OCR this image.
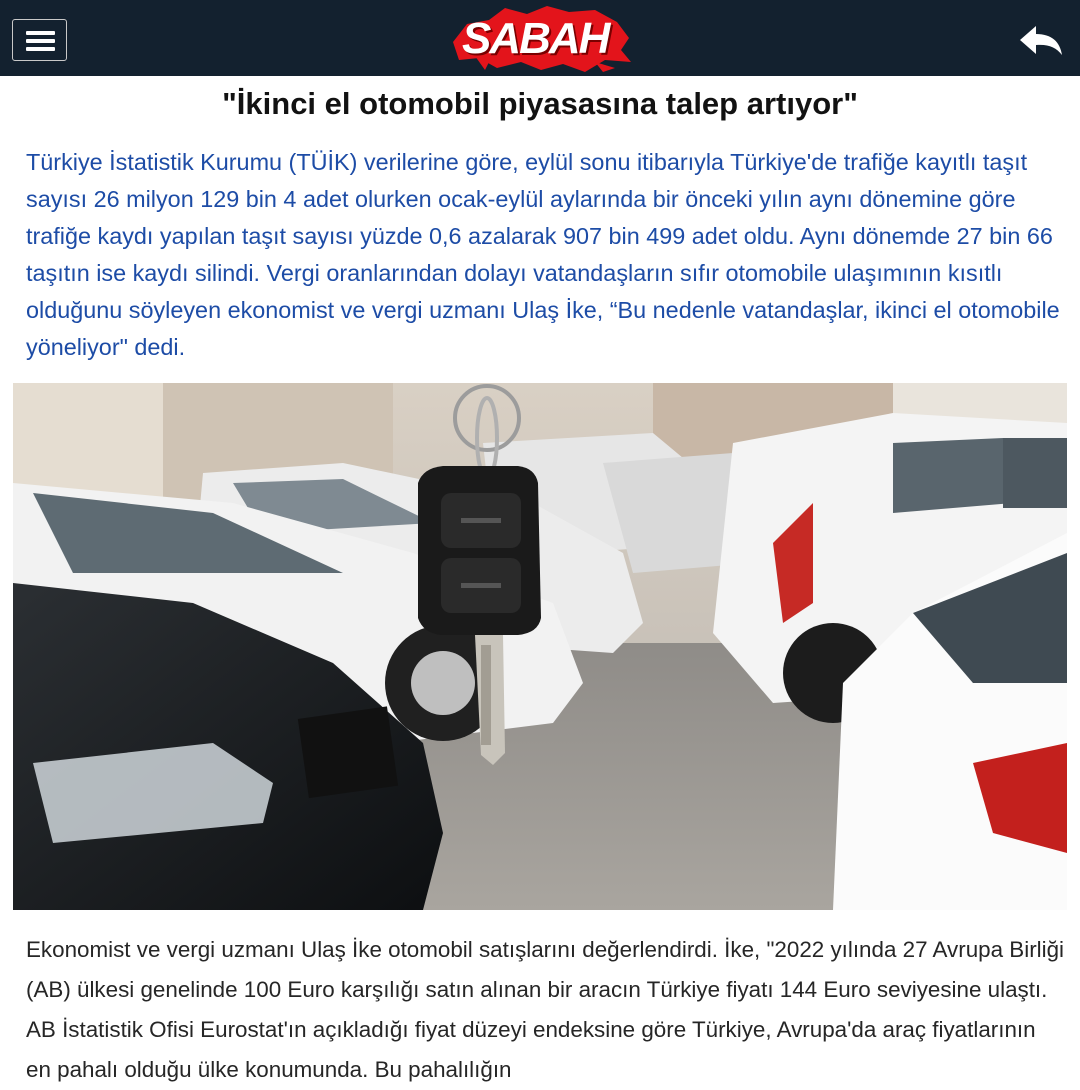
SABAH
"İkinci el otomobil piyasasına talep artıyor"

Türkiye İstatistik Kurumu (TÜİK) verilerine göre, eylül sonu itibarıyla Türkiye'de trafiğe kayıtlı taşıt sayısı 26 milyon 129 bin 4 adet olurken ocak-eylül aylarında bir önceki yılın aynı dönemine göre trafiğe kaydı yapılan taşıt sayısı yüzde 0,6 azalarak 907 bin 499 adet oldu. Aynı dönemde 27 bin 66 taşıtın ise kaydı silindi. Vergi oranlarından dolayı vatandaşların sıfır otomobile ulaşımının kısıtlı olduğunu söyleyen ekonomist ve vergi uzmanı Ulaş İke, “Bu nedenle vatandaşlar, ikinci el otomobile yöneliyor" dedi.

Ekonomist ve vergi uzmanı Ulaş İke otomobil satışlarını değerlendirdi. İke, "2022 yılında 27 Avrupa Birliği (AB) ülkesi genelinde 100 Euro karşılığı satın alınan bir aracın Türkiye fiyatı 144 Euro seviyesine ulaştı. AB İstatistik Ofisi Eurostat'ın açıkladığı fiyat düzeyi endeksine göre Türkiye, Avrupa'da araç fiyatlarının en pahalı olduğu ülke konumunda. Bu pahalılığın
